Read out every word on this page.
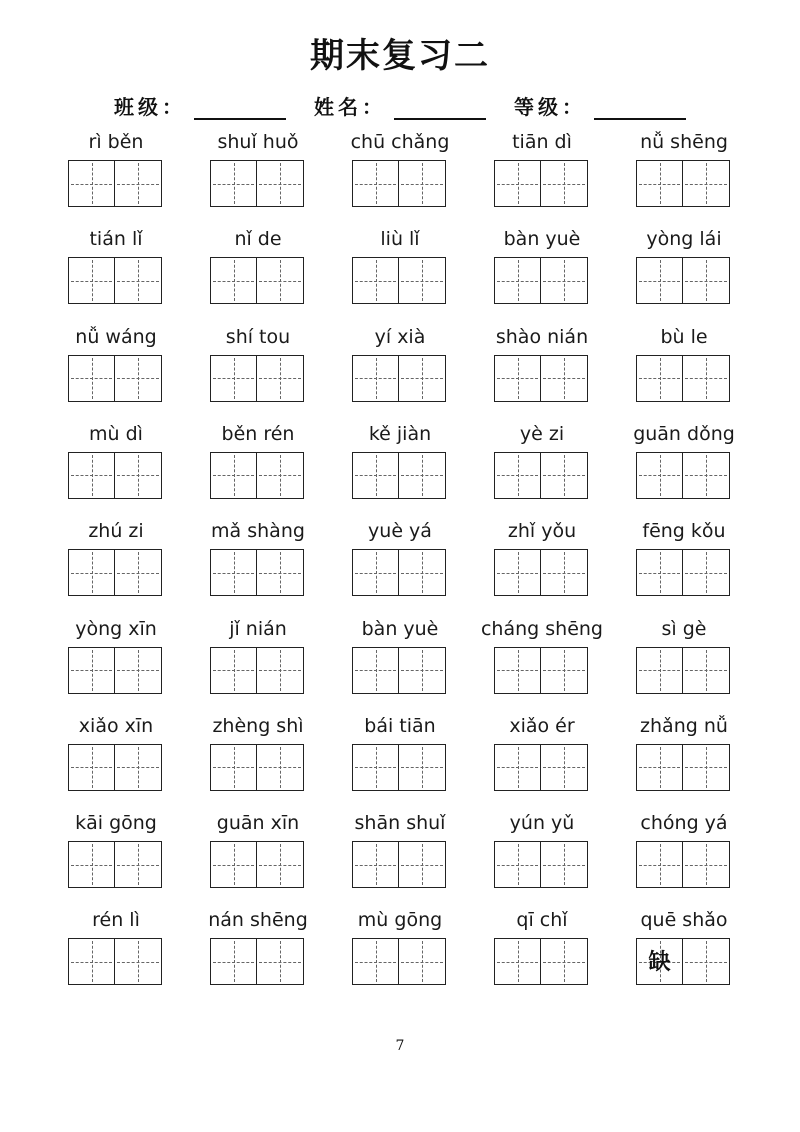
期末复习二
班级：	姓名：	等级：
rì běn	shuǐ huǒ	chū chǎng	tiān dì	nǚ shēng
tián lǐ	nǐ de	liù lǐ	bàn yuè	yòng lái
nǚ wáng	shí tou	yí xià	shào nián	bù le
mù dì	běn rén	kě jiàn	yè zi	guān dǒng
zhú zi	mǎ shàng	yuè yá	zhǐ yǒu	fēng kǒu
yòng xīn	jǐ nián	bàn yuè	cháng shēng	sì gè
xiǎo xīn	zhèng shì	bái tiān	xiǎo ér	zhǎng nǚ
kāi gōng	guān xīn	shān shuǐ	yún yǔ	chóng yá
rén lì	nán shēng	mù gōng	qī chǐ	quē shǎo
缺
7
